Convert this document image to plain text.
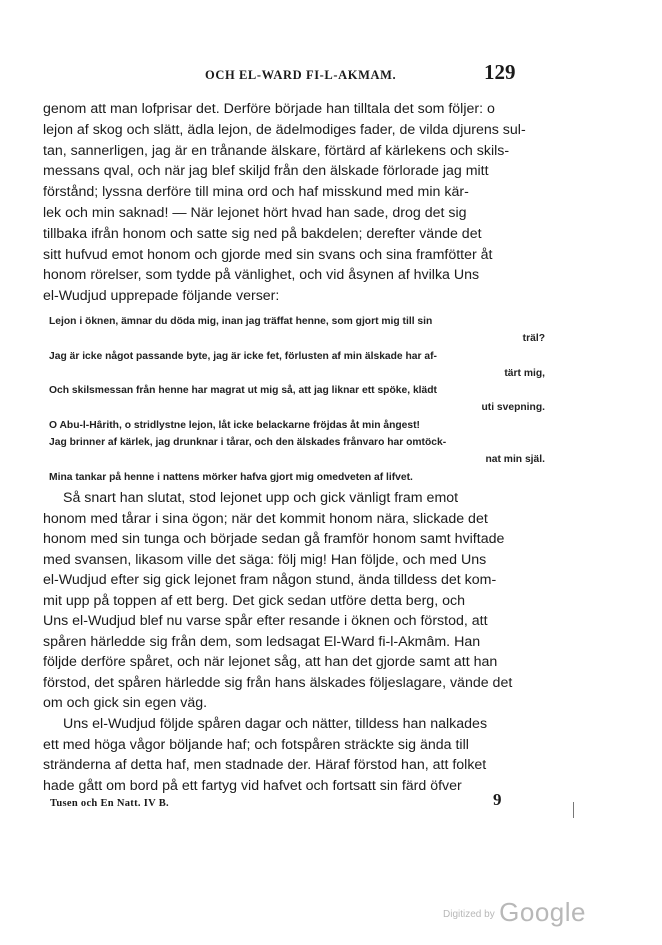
OCH EL-WARD FI-L-AKMAM.	129
genom att man lofprisar det. Derföre började han tilltala det som följer: o
lejon af skog och slätt, ädla lejon, de ädelmodiges fader, de vilda djurens sul-
tan, sannerligen, jag är en trånande älskare, förtärd af kärlekens och skils-
messans qval, och när jag blef skiljd från den älskade förlorade jag mitt
förstånd; lyssna derföre till mina ord och haf misskund med min kär-
lek och min saknad! — När lejonet hört hvad han sade, drog det sig
tillbaka ifrån honom och satte sig ned på bakdelen; derefter vände det
sitt hufvud emot honom och gjorde med sin svans och sina framfötter åt
honom rörelser, som tydde på vänlighet, och vid åsynen af hvilka Uns
el-Wudjud upprepade följande verser:
Lejon i öknen, ämnar du döda mig, inan jag träffat henne, som gjort mig till sin
träl?
Jag är icke något passande byte, jag är icke fet, förlusten af min älskade har af-
tärt mig,
Och skilsmessan från henne har magrat ut mig så, att jag liknar ett spöke, klädt
uti svepning.
O Abu-l-Hârith, o stridlystne lejon, låt icke belackarne fröjdas åt min ångest!
Jag brinner af kärlek, jag drunknar i tårar, och den älskades frånvaro har omtöck-
nat min själ.
Mina tankar på henne i nattens mörker hafva gjort mig omedveten af lifvet.
Så snart han slutat, stod lejonet upp och gick vänligt fram emot
honom med tårar i sina ögon; när det kommit honom nära, slickade det
honom med sin tunga och började sedan gå framför honom samt hviftade
med svansen, likasom ville det säga: följ mig! Han följde, och med Uns
el-Wudjud efter sig gick lejonet fram någon stund, ända tilldess det kom-
mit upp på toppen af ett berg. Det gick sedan utföre detta berg, och
Uns el-Wudjud blef nu varse spår efter resande i öknen och förstod, att
spåren härledde sig från dem, som ledsagat El-Ward fi-l-Akmâm. Han
följde derföre spåret, och när lejonet såg, att han det gjorde samt att han
förstod, det spåren härledde sig från hans älskades följeslagare, vände det
om och gick sin egen väg.
Uns el-Wudjud följde spåren dagar och nätter, tilldess han nalkades
ett med höga vågor böljande haf; och fotspåren sträckte sig ända till
stränderna af detta haf, men stadnade der. Häraf förstod han, att folket
hade gått om bord på ett fartyg vid hafvet och fortsatt sin färd öfver
Tusen och En Natt. IV B.	9
$^{Digitized by}$ Google
